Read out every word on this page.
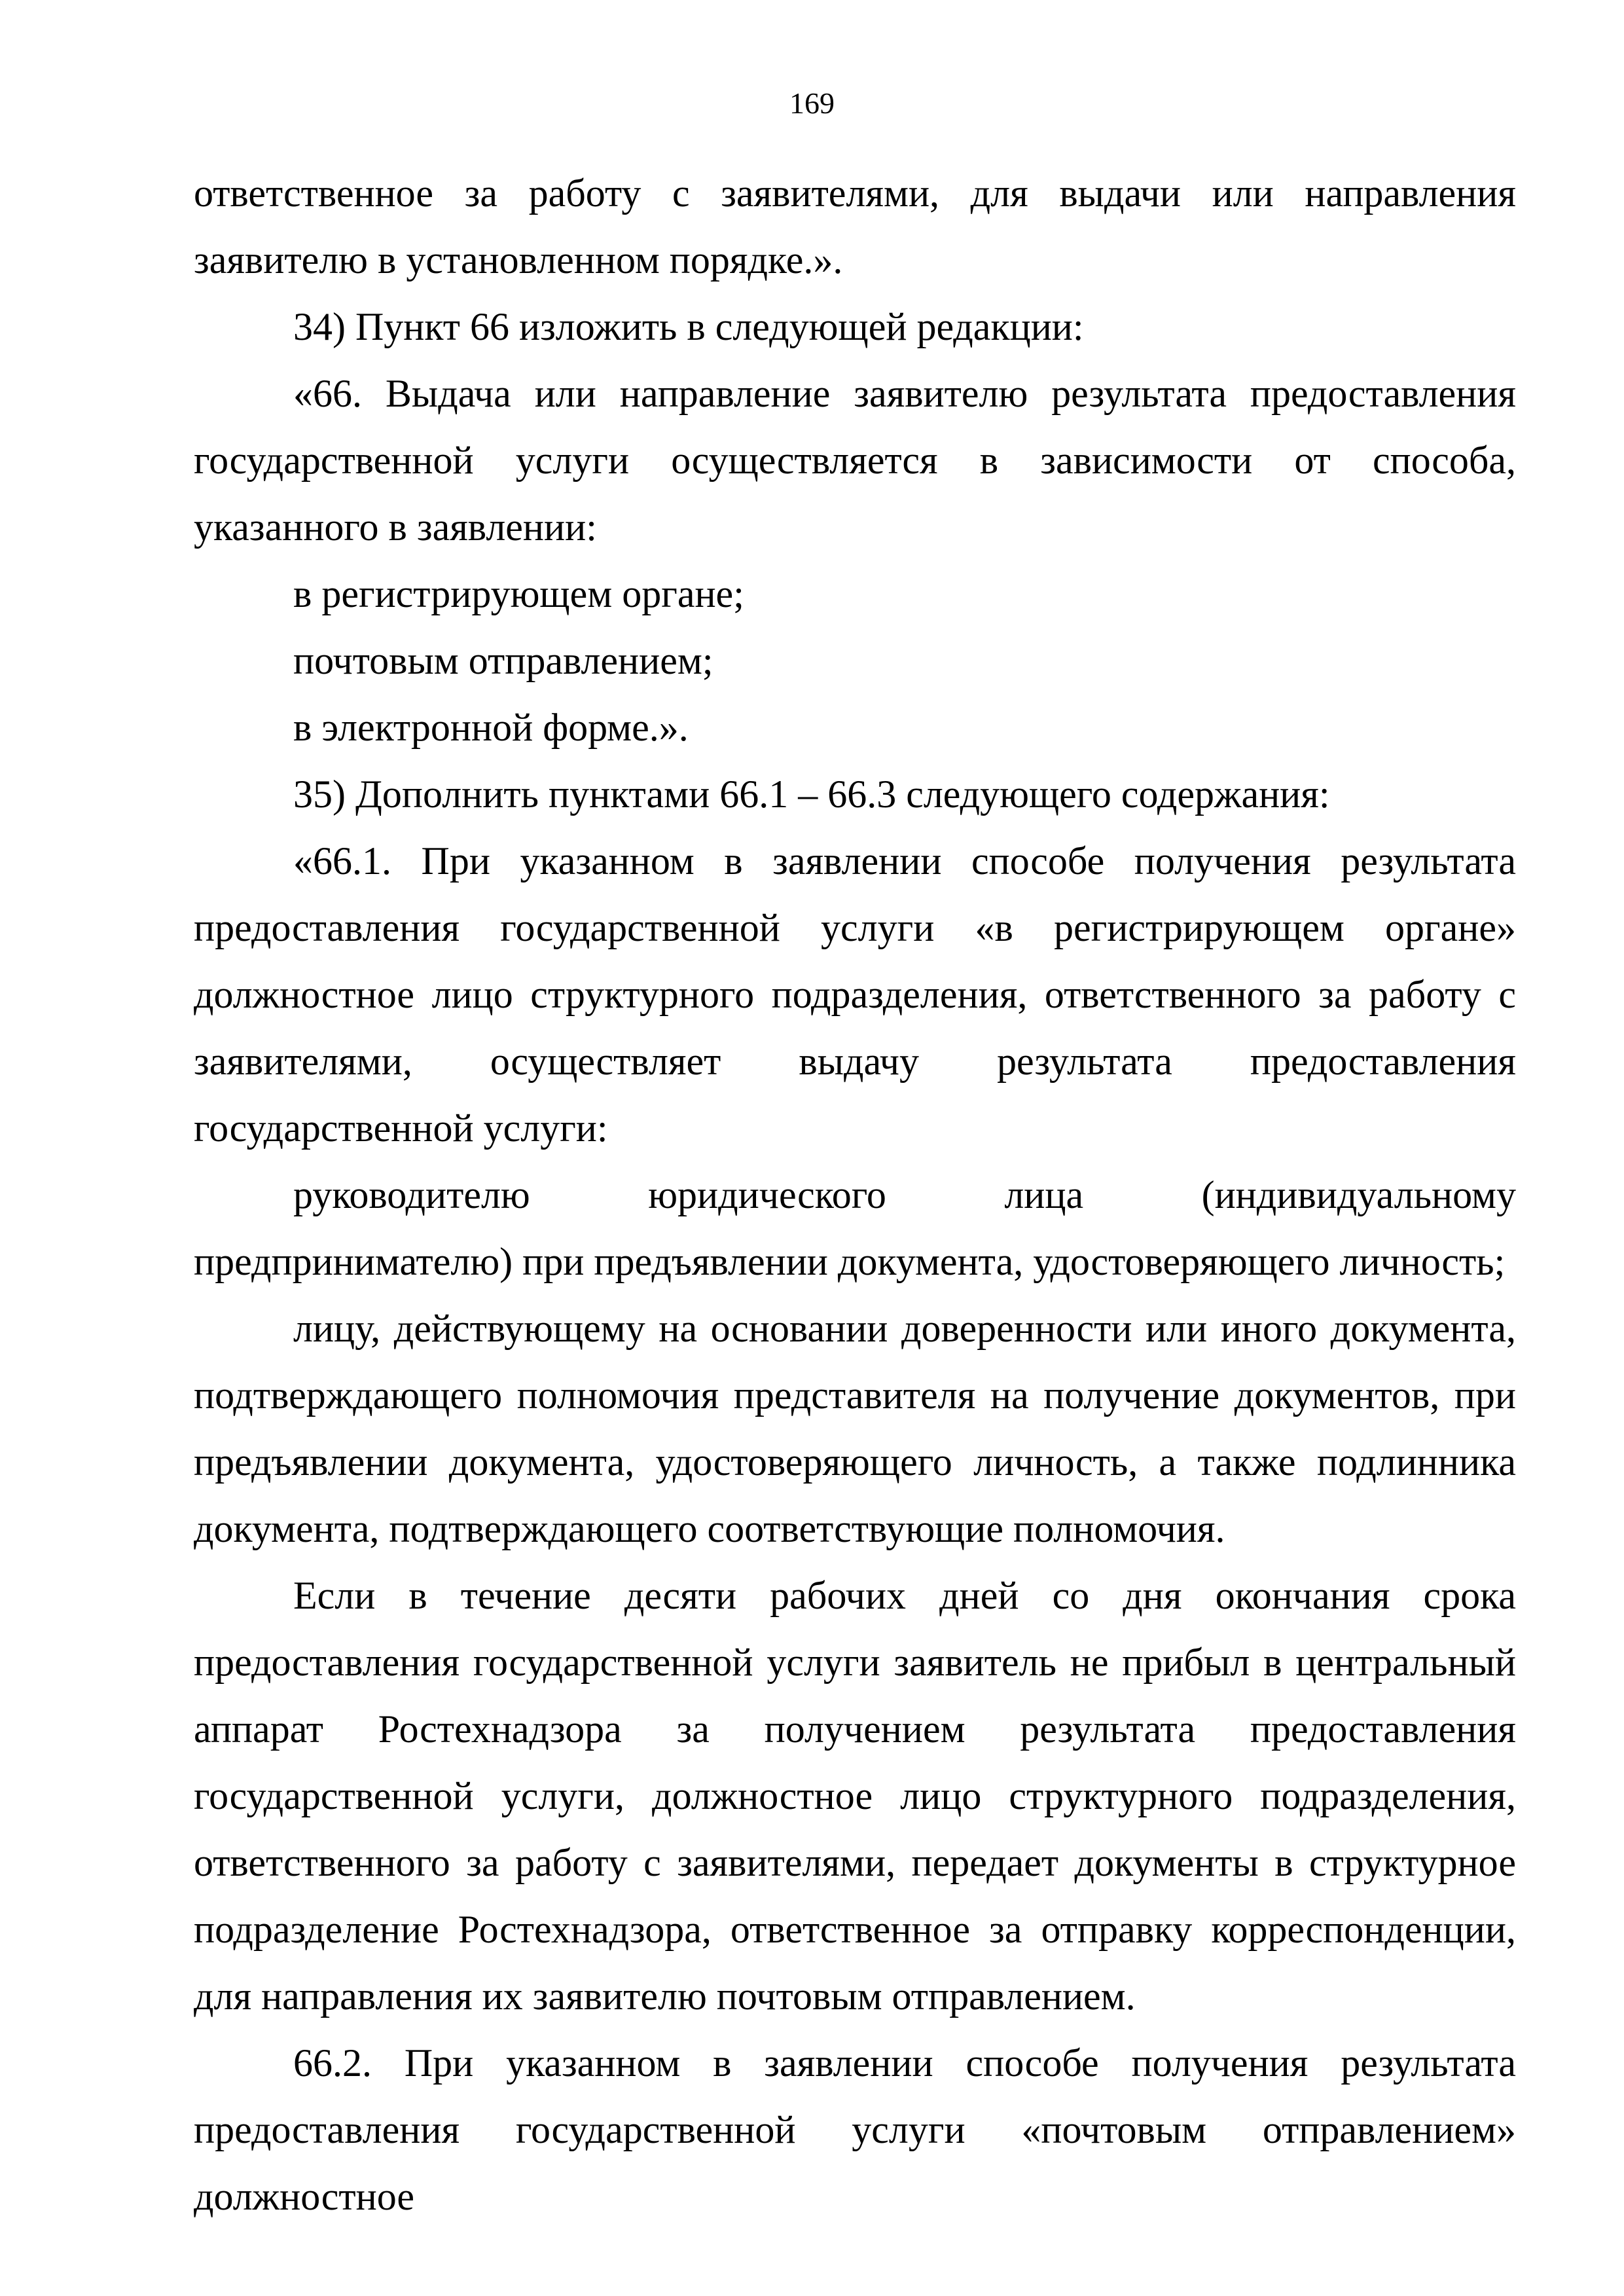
169

ответственное за работу с заявителями, для выдачи или направления заявителю в установленном порядке.».

34) Пункт 66 изложить в следующей редакции:

«66. Выдача или направление заявителю результата предоставления государственной услуги осуществляется в зависимости от способа, указанного в заявлении:

в регистрирующем органе;

почтовым отправлением;

в электронной форме.».

35) Дополнить пунктами 66.1 – 66.3 следующего содержания:

«66.1. При указанном в заявлении способе получения результата предоставления государственной услуги «в регистрирующем органе» должностное лицо структурного подразделения, ответственного за работу с заявителями, осуществляет выдачу результата предоставления государственной услуги:

руководителю юридического лица (индивидуальному предпринимателю) при предъявлении документа, удостоверяющего личность;

лицу, действующему на основании доверенности или иного документа, подтверждающего полномочия представителя на получение документов, при предъявлении документа, удостоверяющего личность, а также подлинника документа, подтверждающего соответствующие полномочия.

Если в течение десяти рабочих дней со дня окончания срока предоставления государственной услуги заявитель не прибыл в центральный аппарат Ростехнадзора за получением результата предоставления государственной услуги, должностное лицо структурного подразделения, ответственного за работу с заявителями, передает документы в структурное подразделение Ростехнадзора, ответственное за отправку корреспонденции, для направления их заявителю почтовым отправлением.

66.2. При указанном в заявлении способе получения результата предоставления государственной услуги «почтовым отправлением» должностное
